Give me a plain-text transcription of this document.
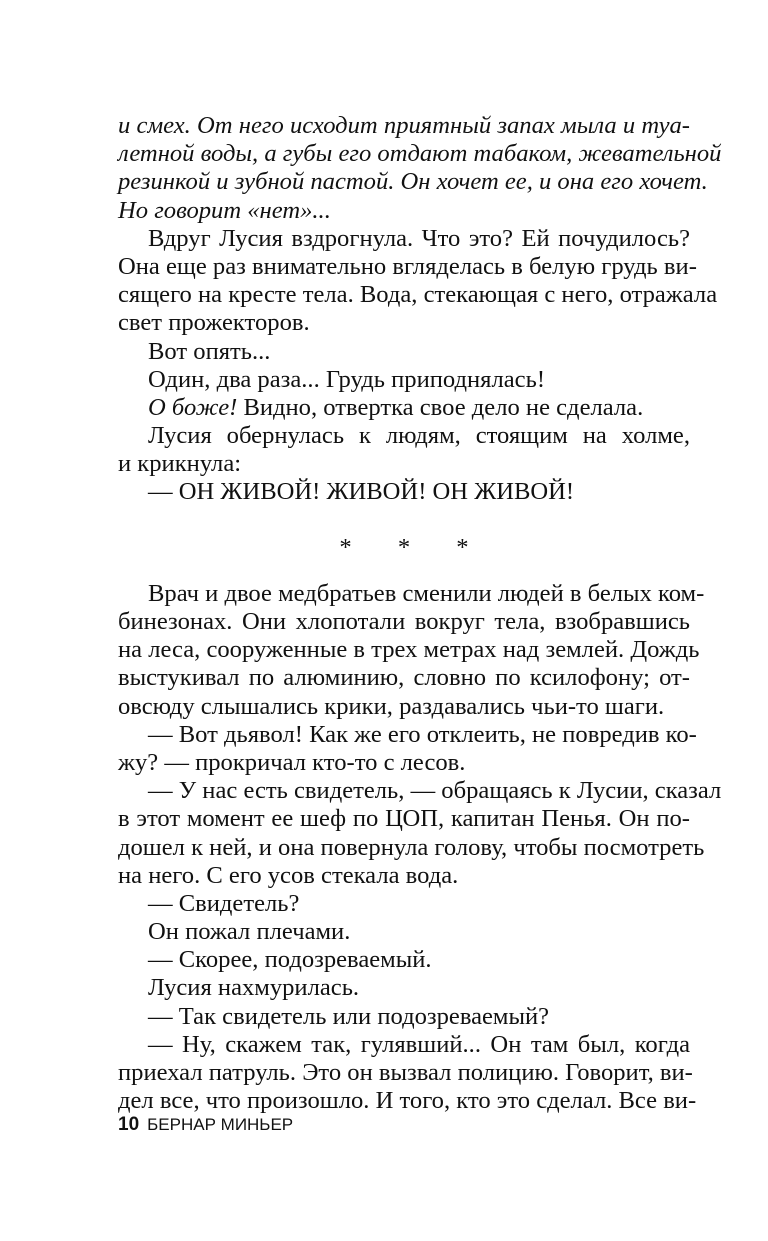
и смех. От него исходит приятный запах мыла и туа-
летной воды, а губы его отдают табаком, жевательной
резинкой и зубной пастой. Он хочет ее, и она его хочет.
Но говорит «нет»...
Вдруг Лусия вздрогнула. Что это? Ей почудилось?
Она еще раз внимательно вгляделась в белую грудь ви-
сящего на кресте тела. Вода, стекающая с него, отражала
свет прожекторов.
Вот опять...
Один, два раза... Грудь приподнялась!
О боже! Видно, отвертка свое дело не сделала.
Лусия обернулась к людям, стоящим на холме,
и крикнула:
— ОН ЖИВОЙ! ЖИВОЙ! ОН ЖИВОЙ!
* * *
Врач и двое медбратьев сменили людей в белых ком-
бинезонах. Они хлопотали вокруг тела, взобравшись
на леса, сооруженные в трех метрах над землей. Дождь
выстукивал по алюминию, словно по ксилофону; от-
овсюду слышались крики, раздавались чьи-то шаги.
— Вот дьявол! Как же его отклеить, не повредив ко-
жу? — прокричал кто-то с лесов.
— У нас есть свидетель, — обращаясь к Лусии, сказал
в этот момент ее шеф по ЦОП, капитан Пенья. Он по-
дошел к ней, и она повернула голову, чтобы посмотреть
на него. С его усов стекала вода.
— Свидетель?
Он пожал плечами.
— Скорее, подозреваемый.
Лусия нахмурилась.
— Так свидетель или подозреваемый?
— Ну, скажем так, гулявший... Он там был, когда
приехал патруль. Это он вызвал полицию. Говорит, ви-
дел все, что произошло. И того, кто это сделал. Все ви-
10 БЕРНАР МИНЬЕР
